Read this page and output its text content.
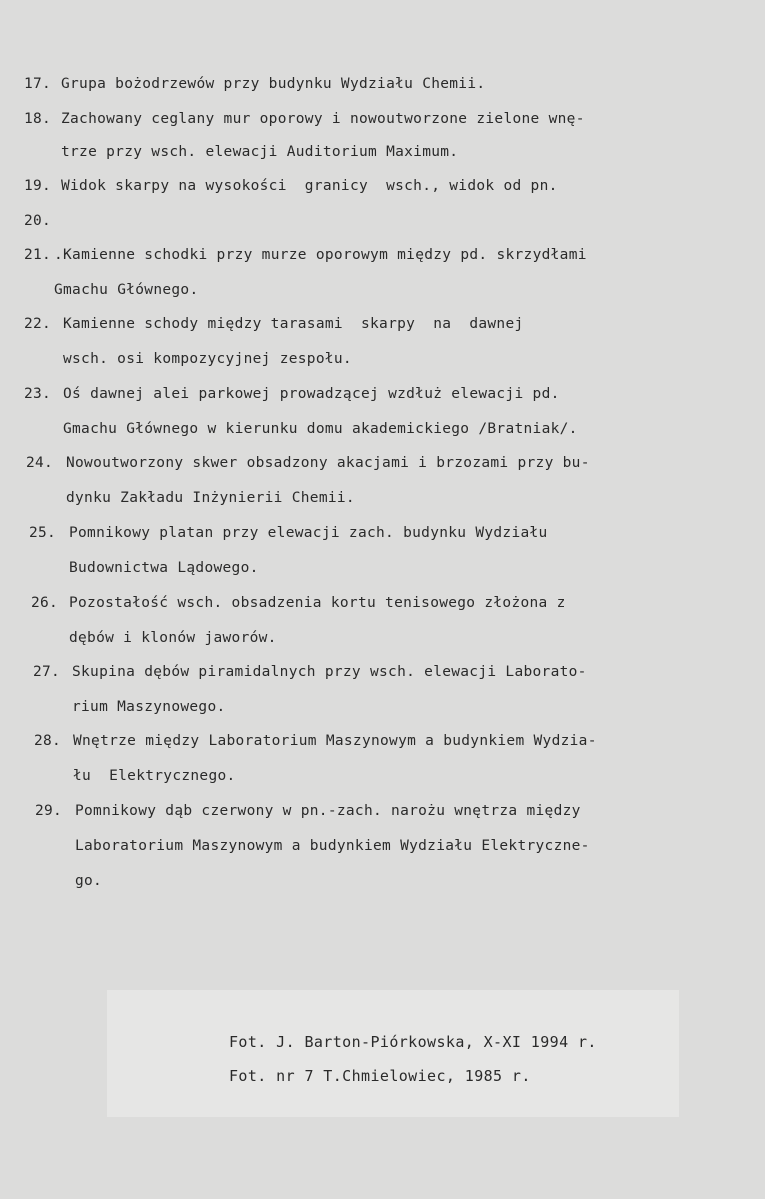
17. Grupa bożodrzewów przy budynku Wydziału Chemii.
18. Zachowany ceglany mur oporowy i nowoutworzone zielone wnę-
trze przy wsch. elewacji Auditorium Maximum.
19. Widok skarpy na wysokości  granicy  wsch., widok od pn.
20.
21. .Kamienne schodki przy murze oporowym między pd. skrzydłami
Gmachu Głównego.
22. Kamienne schody między tarasami  skarpy  na  dawnej
wsch. osi kompozycyjnej zespołu.
23. Oś dawnej alei parkowej prowadzącej wzdłuż elewacji pd.
Gmachu Głównego w kierunku domu akademickiego /Bratniak/.
24. Nowoutworzony skwer obsadzony akacjami i brzozami przy bu-
dynku Zakładu Inżynierii Chemii.
25. Pomnikowy platan przy elewacji zach. budynku Wydziału
Budownictwa Lądowego.
26. Pozostałość wsch. obsadzenia kortu tenisowego złożona z
dębów i klonów jaworów.
27. Skupina dębów piramidalnych przy wsch. elewacji Laborato-
rium Maszynowego.
28. Wnętrze między Laboratorium Maszynowym a budynkiem Wydzia-
łu  Elektrycznego.
29. Pomnikowy dąb czerwony w pn.-zach. narożu wnętrza między
Laboratorium Maszynowym a budynkiem Wydziału Elektryczne-
go.
Fot. J. Barton-Piórkowska, X-XI 1994 r.
Fot. nr 7 T.Chmielowiec, 1985 r.
